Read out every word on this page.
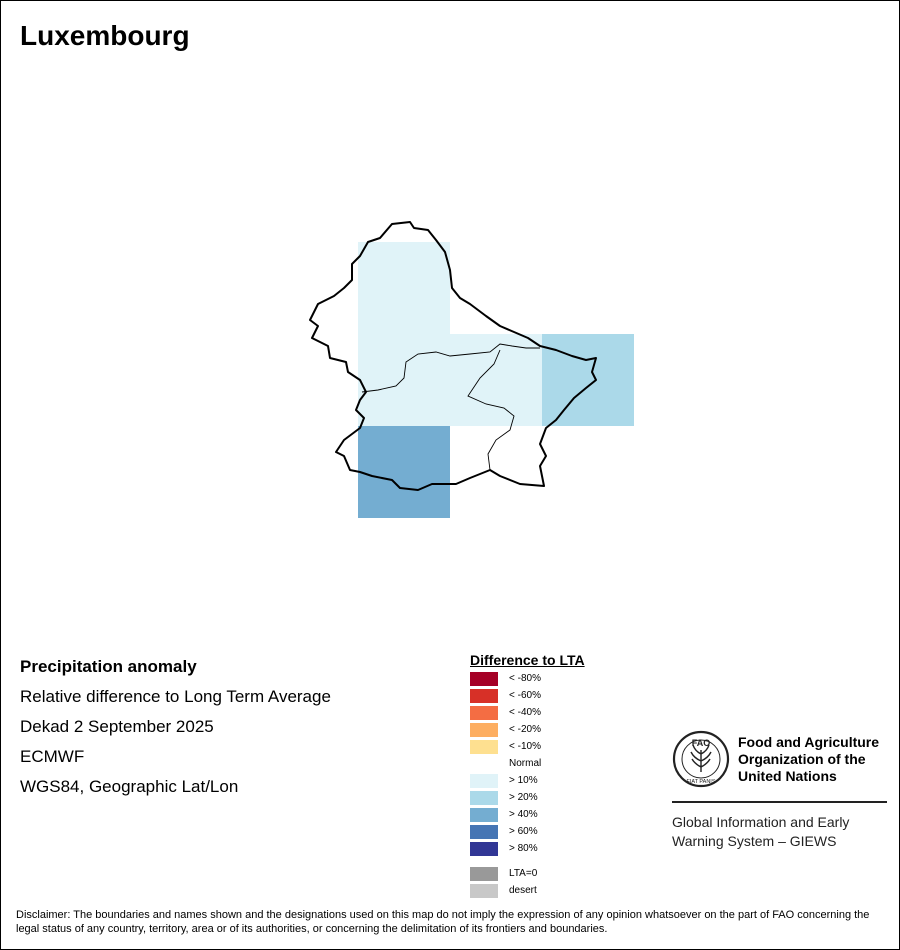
Luxembourg
Precipitation anomaly
Relative difference to Long Term Average
Dekad 2 September 2025
ECMWF
WGS84, Geographic Lat/Lon
Difference to LTA
< -80%
< -60%
< -40%
< -20%
< -10%
Normal
> 10%
> 20%
> 40%
> 60%
> 80%
LTA=0
desert
FAO
FIAT PANIS
Food and Agriculture Organization of the United Nations
Global Information and Early Warning System – GIEWS
Disclaimer: The boundaries and names shown and the designations used on this map do not imply the expression of any opinion whatsoever on the part of FAO concerning the legal status of any country, territory, area or of its authorities, or concerning the delimitation of its frontiers and boundaries.
